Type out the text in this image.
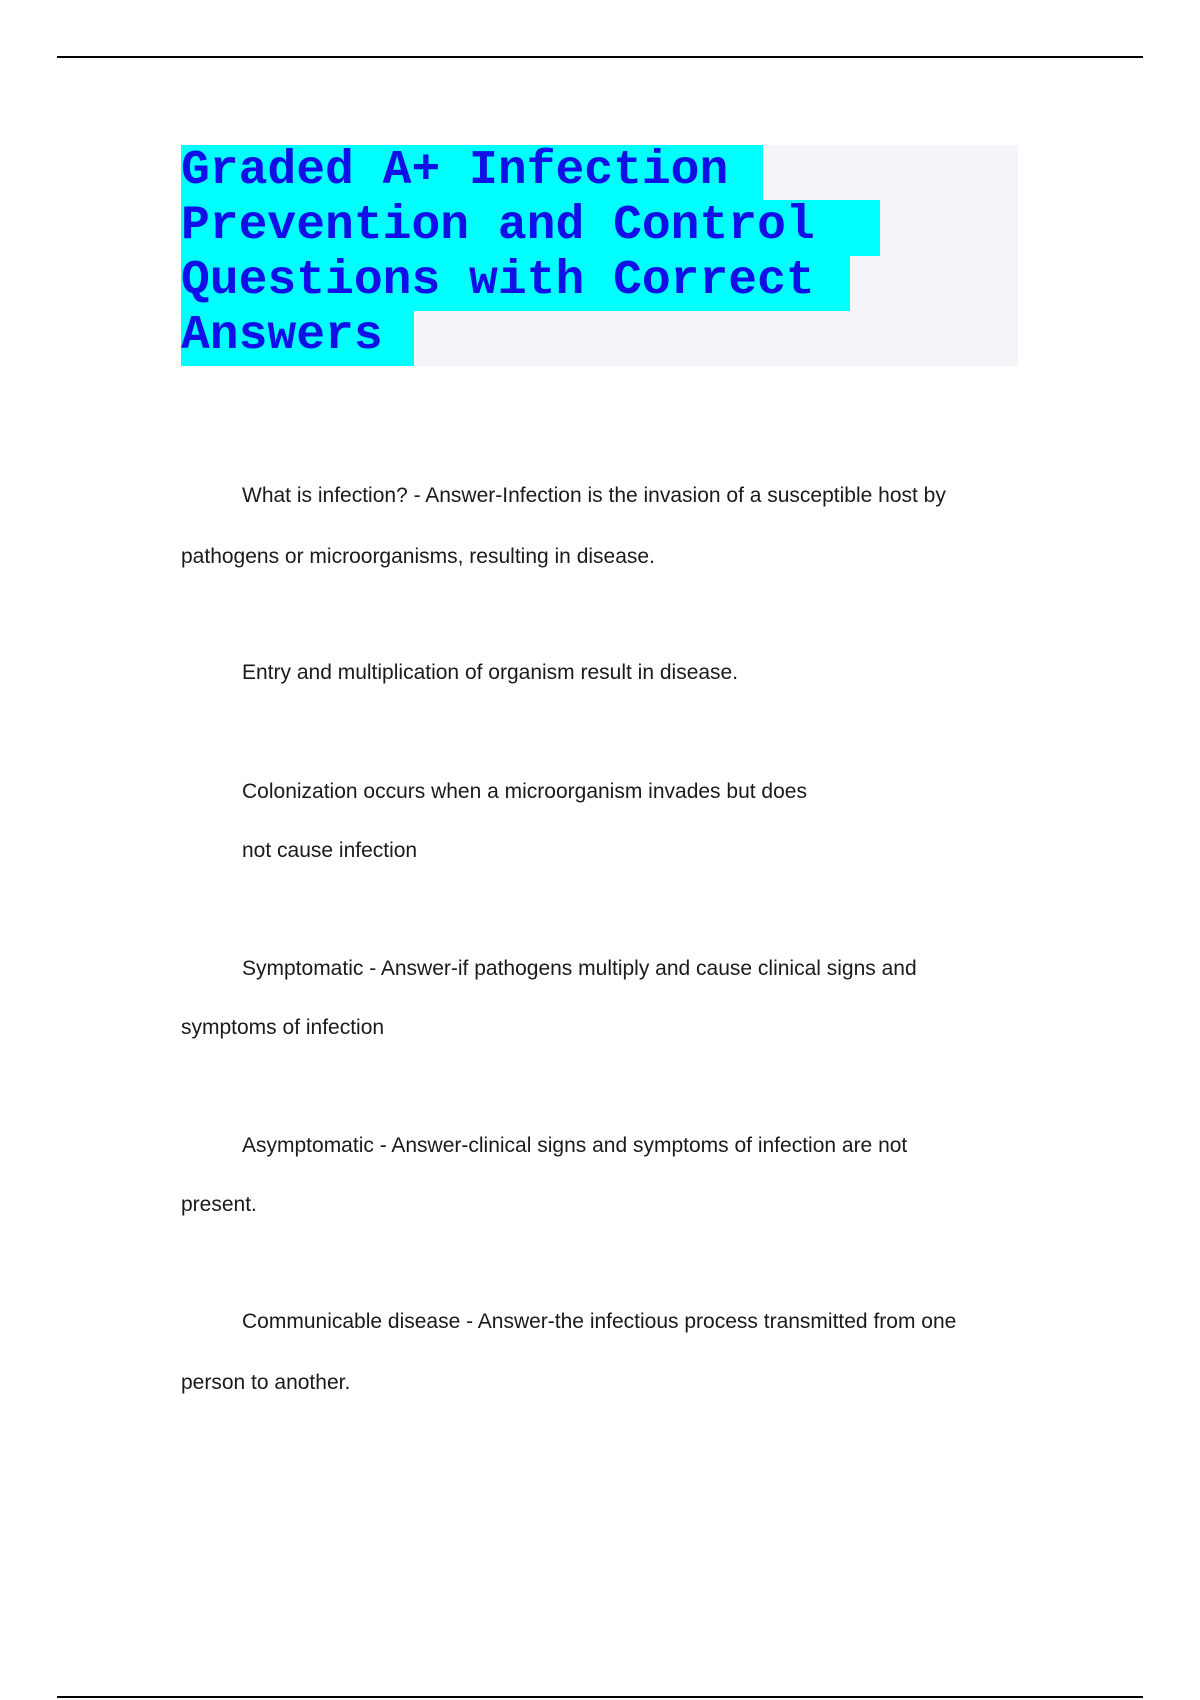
Graded A+ Infection
Prevention and Control
Questions with Correct
Answers
What is infection? - Answer-Infection is the invasion of a susceptible host by
pathogens or microorganisms, resulting in disease.
Entry and multiplication of organism result in disease.
Colonization occurs when a microorganism invades but does
not cause infection
Symptomatic - Answer-if pathogens multiply and cause clinical signs and
symptoms of infection
Asymptomatic - Answer-clinical signs and symptoms of infection are not
present.
Communicable disease - Answer-the infectious process transmitted from one
person to another.
